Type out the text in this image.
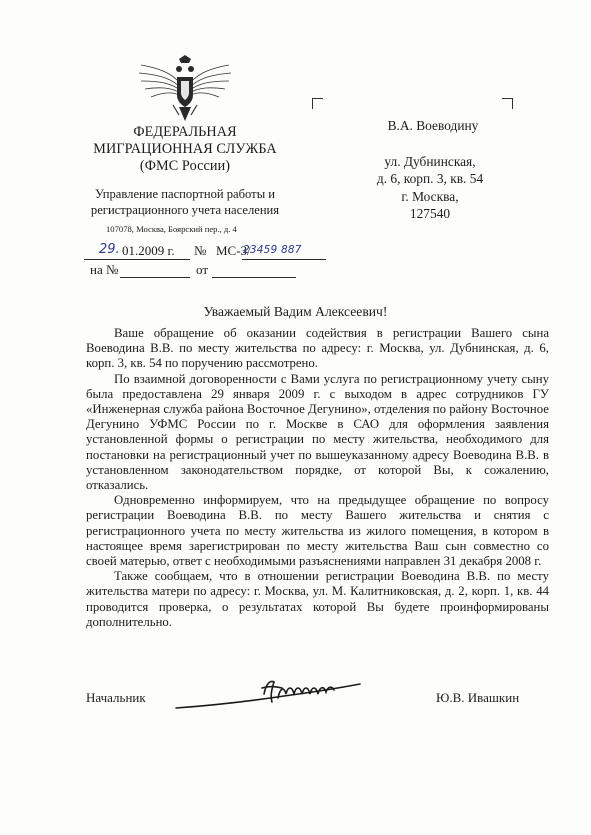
ФЕДЕРАЛЬНАЯ
МИГРАЦИОННАЯ СЛУЖБА
(ФМС России)
Управление паспортной работы и
регистрационного учета населения
107078, Москва, Боярский пер., д. 4
29. 01.2009 г. № МС-3/
23459 887
на №	от
В.А. Воеводину
ул. Дубнинская,
д. 6, корп. 3, кв. 54
г. Москва,
127540
Уважаемый Вадим Алексеевич!

Ваше обращение об оказании содействия в регистрации Вашего сына Воеводина В.В. по месту жительства по адресу: г. Москва, ул. Дубнинская, д. 6, корп. 3, кв. 54 по поручению рассмотрено.

По взаимной договоренности с Вами услуга по регистрационному учету сыну была предоставлена 29 января 2009 г. с выходом в адрес сотрудников ГУ «Инженерная служба района Восточное Дегунино», отделения по району Восточное Дегунино УФМС России по г. Москве в САО для оформления заявления установленной формы о регистрации по месту жительства, необходимого для постановки на регистрационный учет по вышеуказанному адресу Воеводина В.В. в установленном законодательством порядке, от которой Вы, к сожалению, отказались.

Одновременно информируем, что на предыдущее обращение по вопросу регистрации Воеводина В.В. по месту Вашего жительства и снятия с регистрационного учета по месту жительства из жилого помещения, в котором в настоящее время зарегистрирован по месту жительства Ваш сын совместно со своей матерью, ответ с необходимыми разъяснениями направлен 31 декабря 2008 г.

Также сообщаем, что в отношении регистрации Воеводина В.В. по месту жительства матери по адресу: г. Москва, ул. М. Калитниковская, д. 2, корп. 1, кв. 44 проводится проверка, о результатах которой Вы будете проинформированы дополнительно.

Начальник	Ю.В. Ивашкин
